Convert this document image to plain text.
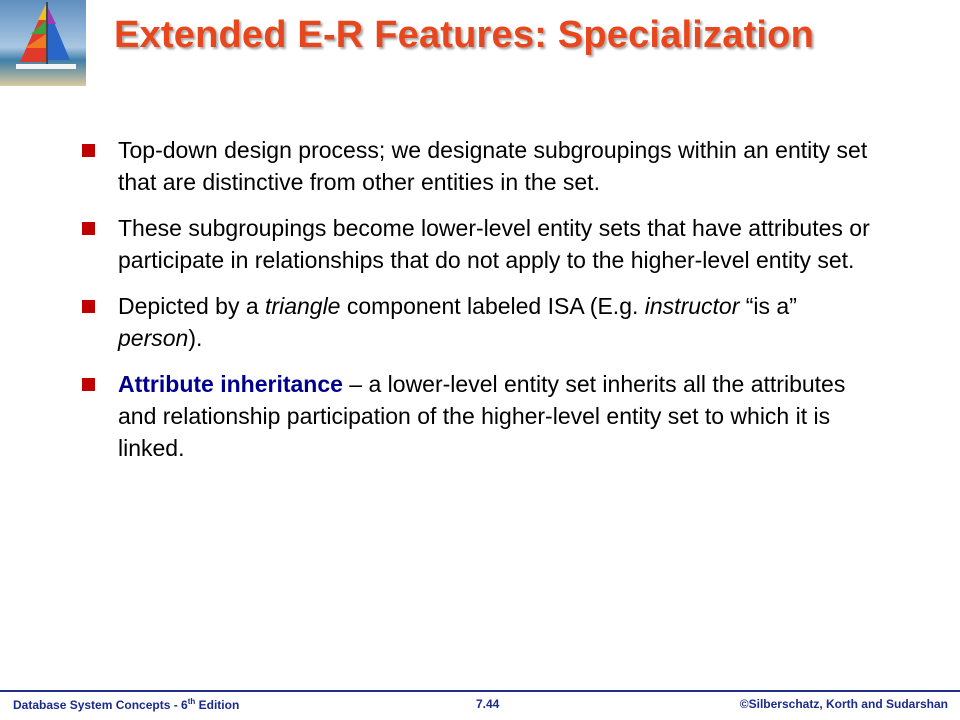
Extended E-R Features: Specialization
Top-down design process; we designate subgroupings within an entity set that are distinctive from other entities in the set.
These subgroupings become lower-level entity sets that have attributes or participate in relationships that do not apply to the higher-level entity set.
Depicted by a triangle component labeled ISA (E.g. instructor “is a” person).
Attribute inheritance – a lower-level entity set inherits all the attributes and relationship participation of the higher-level entity set to which it is linked.
Database System Concepts - 6th Edition	7.44	©Silberschatz, Korth and Sudarshan
